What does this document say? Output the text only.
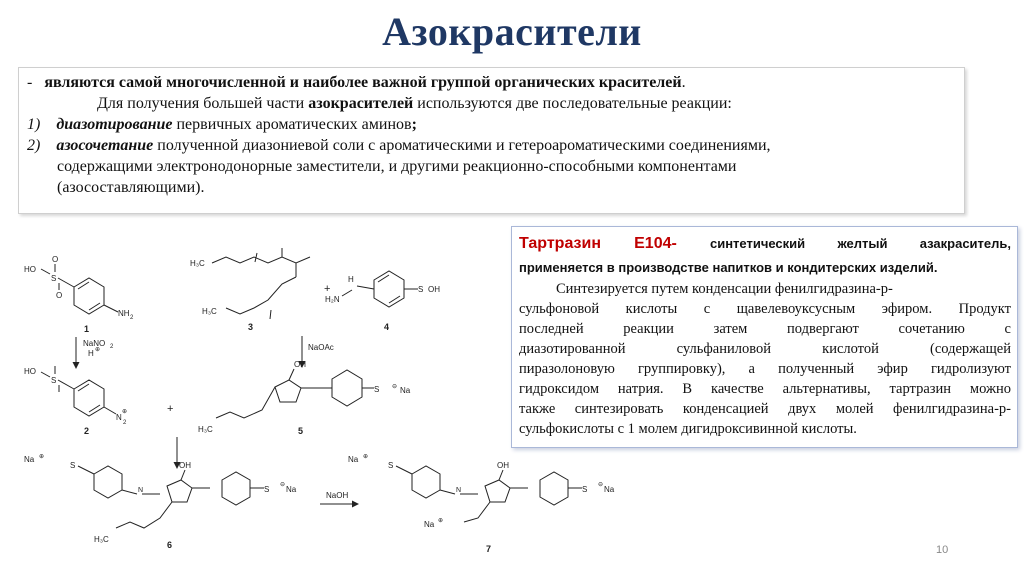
Азокрасители
- являются самой многочисленной и наиболее важной группой органических красителей.
Для получения большей части азокрасителей используются две последовательные реакции:
1) диазотирование первичных ароматических аминов;
2) азосочетание полученной диазониевой соли с ароматическими и гетероароматическими соединениями,
содержащими электронодонорные заместители, и другими реакционно-способными компонентами
(азосоставляющими).
Тартразин Е104-	синтетический желтый азакраситель,
применяется в производстве напитков и кондитерских изделий.
Синтезируется путем конденсации фенилгидразина-р-
сульфоновой кислоты с щавелевоуксусным эфиром. Продукт
последней реакции затем подвергают сочетанию с
диазотированной сульфаниловой кислотой (содержащей
пиразолоновую группировку), а полученный эфир гидролизуют
гидроксидом натрия. В качестве альтернативы, тартразин можно
также синтезировать конденсацией двух молей фенилгидразина-р-
сульфокислоты с 1 молем дигидроксивинной кислоты.
HO
S
O
O
NH 2
1
NaNO 2
H ⊕
HO
S
N
2
⊕
2
+
H₃C
H₃C
3
+
H₂N
H
S OH
4
NaOAc
OH
S ⊖ Na
H₃C	5
Na ⊕
S
N
OH
S Na
⊖
H₃C
6
NaOH
Na ⊕
S
N
OH
S Na
⊖
Na ⊕
7	10
